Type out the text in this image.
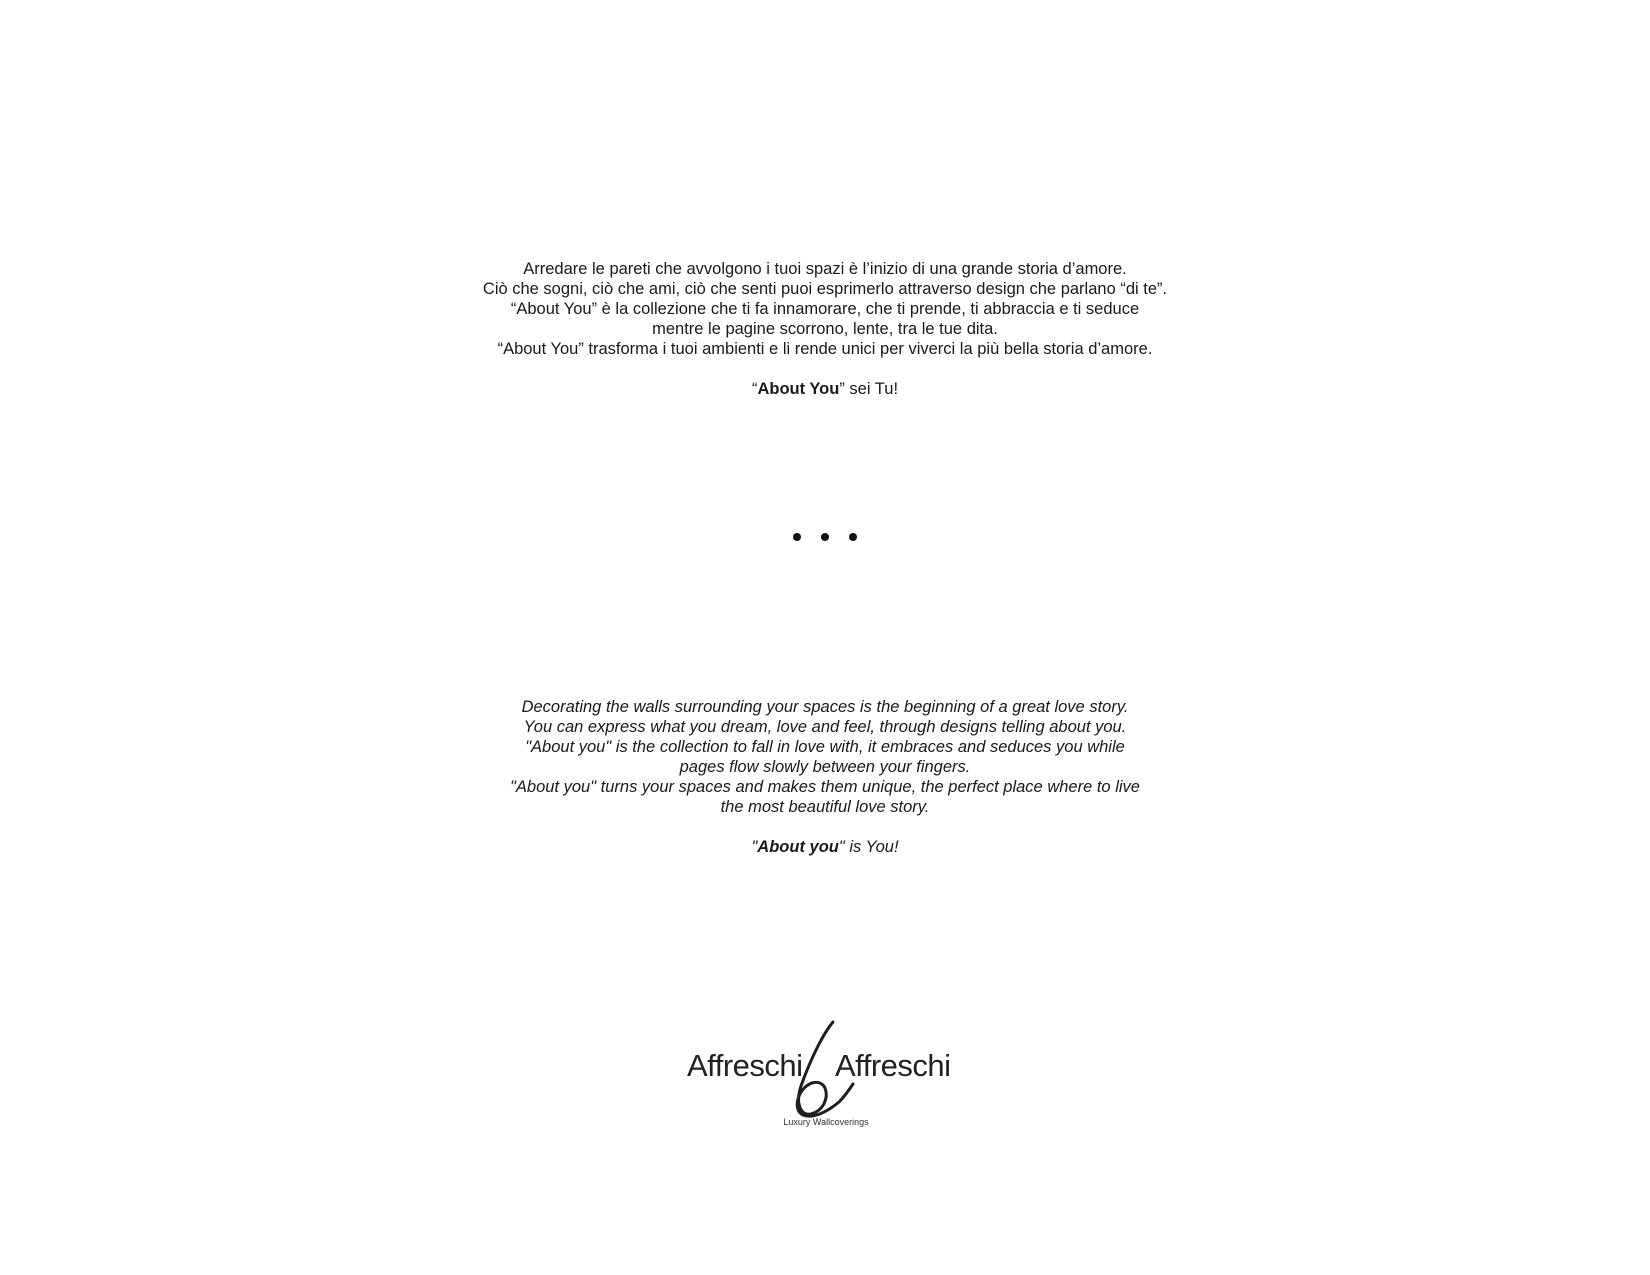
Arredare le pareti che avvolgono i tuoi spazi è l’inizio di una grande storia d’amore.

Ciò che sogni, ciò che ami, ciò che senti puoi esprimerlo attraverso design che parlano “di te”.

“About You” è la collezione che ti fa innamorare, che ti prende, ti abbraccia e ti seduce

mentre le pagine scorrono, lente, tra le tue dita.

“About You” trasforma i tuoi ambienti e li rende unici per viverci la più bella storia d’amore.

“About You” sei Tu!

Decorating the walls surrounding your spaces is the beginning of a great love story.

You can express what you dream, love and feel, through designs telling about you.

"About you" is the collection to fall in love with, it embraces and seduces you while

pages flow slowly between your fingers.

"About you" turns your spaces and makes them unique, the perfect place where to live

the most beautiful love story.

"About you" is You!

Affreschi Affreschi
Luxury Wallcoverings
